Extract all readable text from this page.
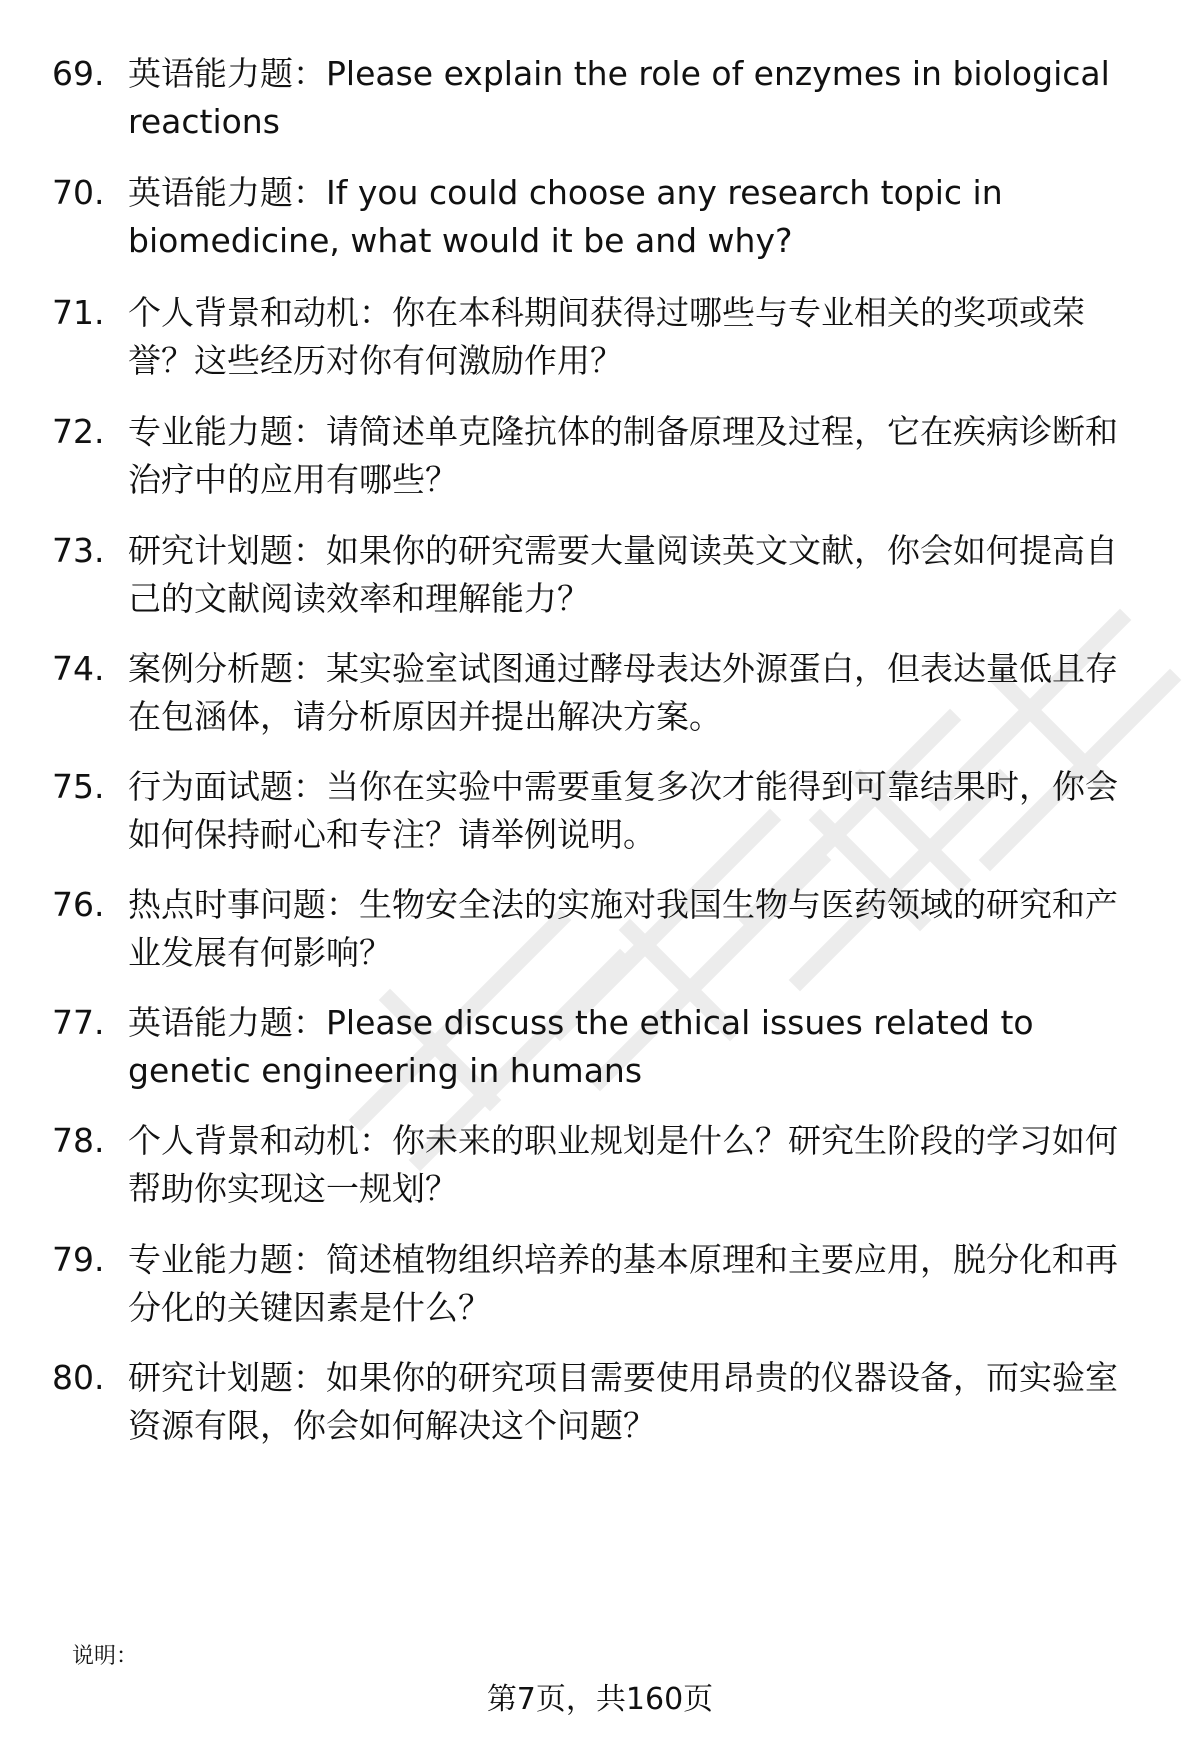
69. 英语能力题：Please explain the role of enzymes in biological reactions

70. 英语能力题：If you could choose any research topic in biomedicine, what would it be and why?

71. 个人背景和动机：你在本科期间获得过哪些与专业相关的奖项或荣誉？这些经历对你有何激励作用？

72. 专业能力题：请简述单克隆抗体的制备原理及过程，它在疾病诊断和治疗中的应用有哪些？

73. 研究计划题：如果你的研究需要大量阅读英文文献，你会如何提高自己的文献阅读效率和理解能力？

74. 案例分析题：某实验室试图通过酵母表达外源蛋白，但表达量低且存在包涵体，请分析原因并提出解决方案。

75. 行为面试题：当你在实验中需要重复多次才能得到可靠结果时，你会如何保持耐心和专注？请举例说明。

76. 热点时事问题：生物安全法的实施对我国生物与医药领域的研究和产业发展有何影响？

77. 英语能力题：Please discuss the ethical issues related to genetic engineering in humans

78. 个人背景和动机：你未来的职业规划是什么？研究生阶段的学习如何帮助你实现这一规划？

79. 专业能力题：简述植物组织培养的基本原理和主要应用，脱分化和再分化的关键因素是什么？

80. 研究计划题：如果你的研究项目需要使用昂贵的仪器设备，而实验室资源有限，你会如何解决这个问题？

说明：
第7页，共160页
